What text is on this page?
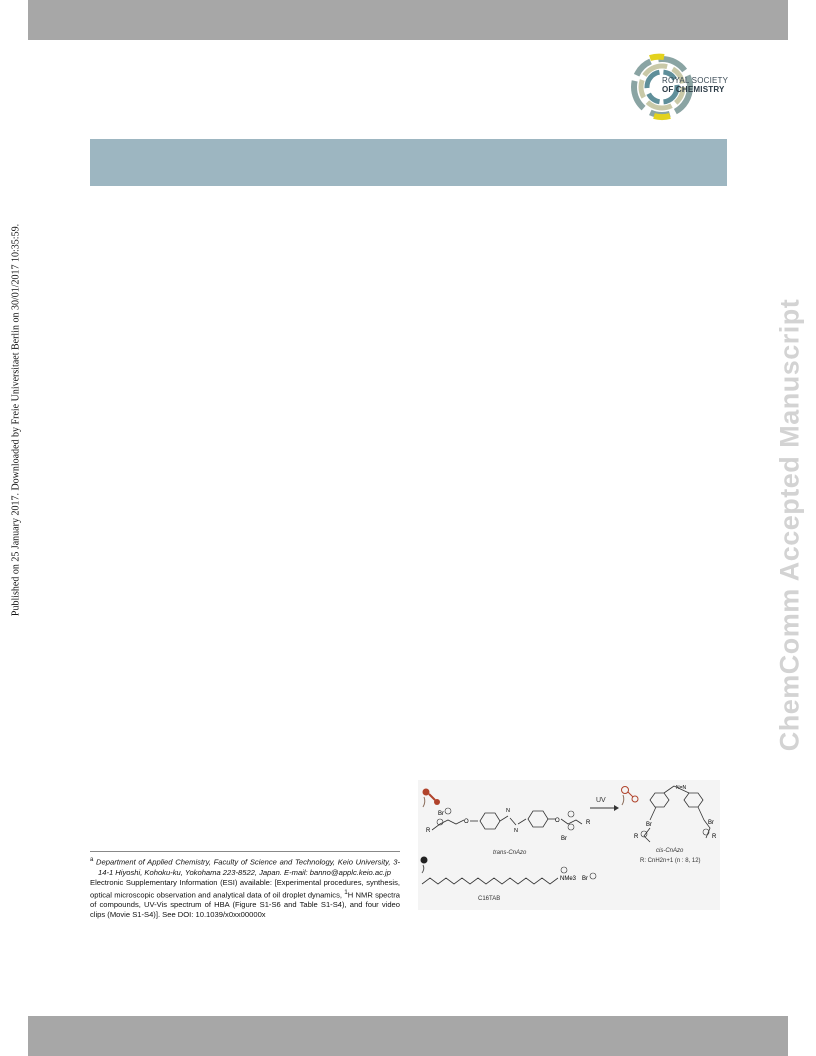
ROYAL SOCIETY
OF CHEMISTRY
Published on 25 January 2017. Downloaded by Freie Universitaet Berlin on 30/01/2017 10:35:59.	ChemComm Accepted Manuscript

$^a$ Department of Applied Chemistry, Faculty of Science and Technology, Keio University, 3-14-1 Hiyoshi, Kohoku-ku, Yokohama 223-8522, Japan. E-mail: banno@applc.keio.ac.jp

Electronic Supplementary Information (ESI) available: [Experimental procedures, synthesis, optical microscopic observation and analytical data of oil droplet dynamics, $^1$H NMR spectra of compounds, UV-Vis spectrum of HBA (Figure S1-S6 and Table S1-S4), and four video clips (Movie S1-S4)]. See DOI: 10.1039/x0xx00000x

Br
R
O
N
N
O	R
Br
trans-CnAzo
UV
N=N
Br
R
Br
R
cis-CnAzo
R: CnH2n+1 (n : 8, 12)
NMe3 Br
C16TAB
